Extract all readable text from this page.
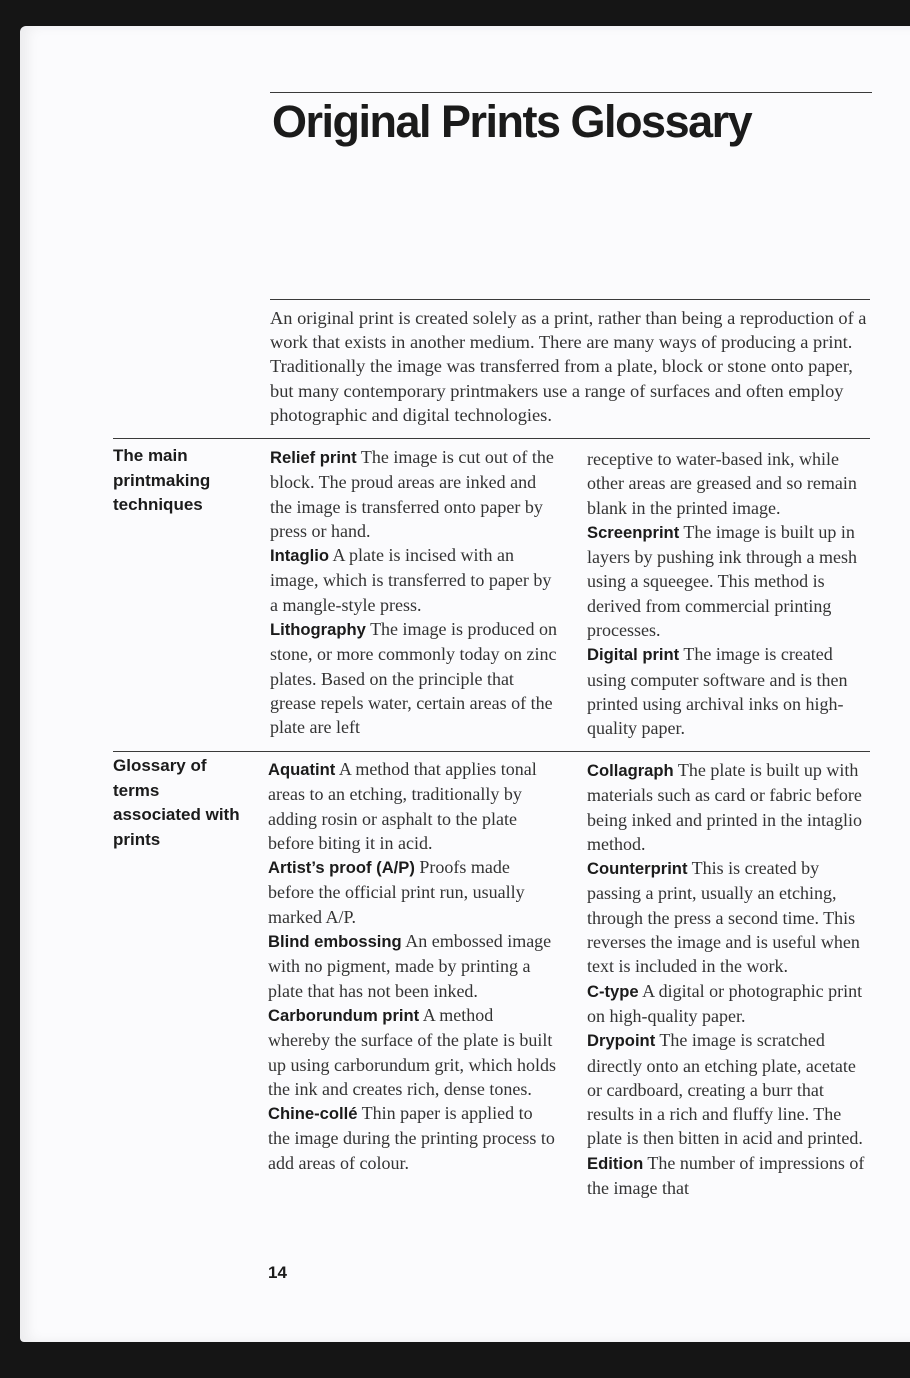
Original Prints Glossary

An original print is created solely as a print, rather than being a reproduction of a work that exists in another medium. There are many ways of producing a print. Traditionally the image was transferred from a plate, block or stone onto paper, but many contemporary printmakers use a range of surfaces and often employ photographic and digital technologies.

The main printmaking techniques

Relief print The image is cut out of the block. The proud areas are inked and the image is transferred onto paper by press or hand.

Intaglio A plate is incised with an image, which is transferred to paper by a mangle-style press.

Lithography The image is produced on stone, or more commonly today on zinc plates. Based on the principle that grease repels water, certain areas of the plate are left

receptive to water-based ink, while other areas are greased and so remain blank in the printed image.

Screenprint The image is built up in layers by pushing ink through a mesh using a squeegee. This method is derived from commercial printing processes.

Digital print The image is created using computer software and is then printed using archival inks on high-quality paper.

Glossary of terms associated with prints

Aquatint A method that applies tonal areas to an etching, traditionally by adding rosin or asphalt to the plate before biting it in acid.

Artist’s proof (A/P) Proofs made before the official print run, usually marked A/P.

Blind embossing An embossed image with no pigment, made by printing a plate that has not been inked.

Carborundum print A method whereby the surface of the plate is built up using carborundum grit, which holds the ink and creates rich, dense tones.

Chine-collé Thin paper is applied to the image during the printing process to add areas of colour.

Collagraph The plate is built up with materials such as card or fabric before being inked and printed in the intaglio method.

Counterprint This is created by passing a print, usually an etching, through the press a second time. This reverses the image and is useful when text is included in the work.

C-type A digital or photographic print on high-quality paper.

Drypoint The image is scratched directly onto an etching plate, acetate or cardboard, creating a burr that results in a rich and fluffy line. The plate is then bitten in acid and printed.

Edition The number of impressions of the image that

14
